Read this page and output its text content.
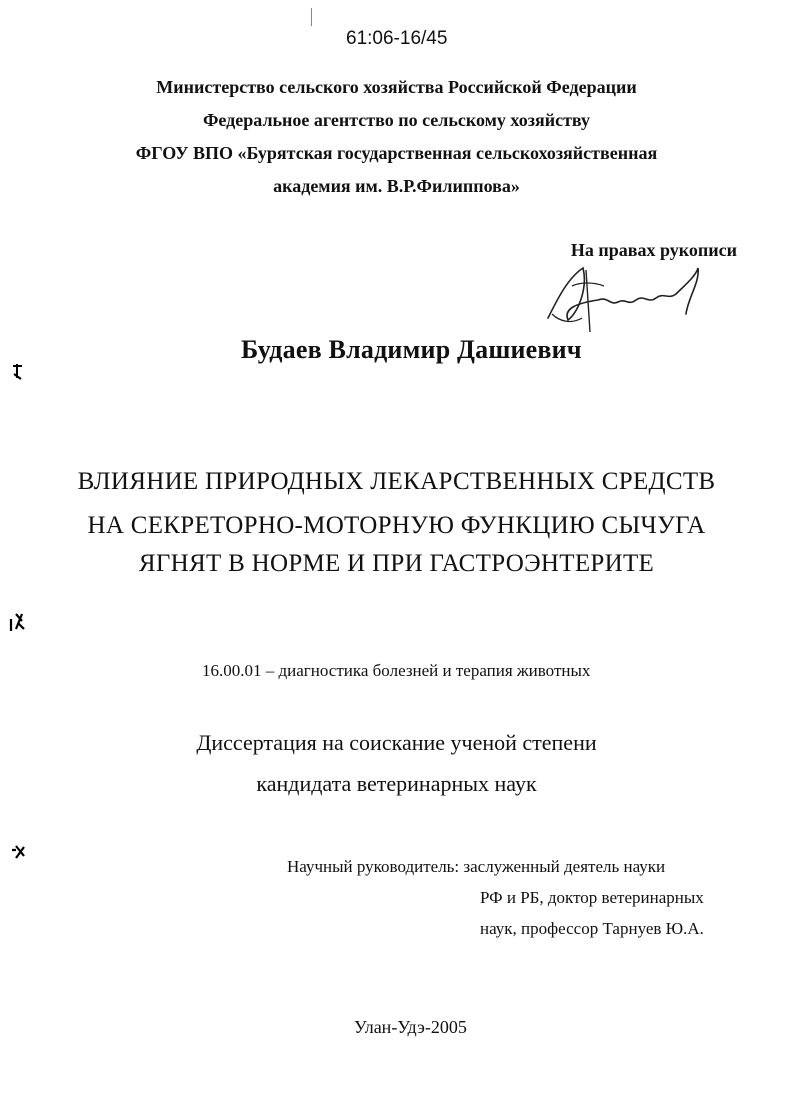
61:06-16/45
Министерство сельского хозяйства Российской Федерации
Федеральное агентство по сельскому хозяйству
ФГОУ ВПО «Бурятская государственная сельскохозяйственная
академия им. В.Р.Филиппова»
На правах рукописи
Будаев Владимир Дашиевич
ВЛИЯНИЕ ПРИРОДНЫХ ЛЕКАРСТВЕННЫХ СРЕДСТВ
НА СЕКРЕТОРНО-МОТОРНУЮ ФУНКЦИЮ СЫЧУГА
ЯГНЯТ В НОРМЕ И ПРИ ГАСТРОЭНТЕРИТЕ
16.00.01 – диагностика болезней и терапия животных
Диссертация на соискание ученой степени
кандидата ветеринарных наук
Научный руководитель: заслуженный деятель науки
РФ и РБ, доктор ветеринарных
наук, профессор Тарнуев Ю.А.
Улан-Удэ-2005
